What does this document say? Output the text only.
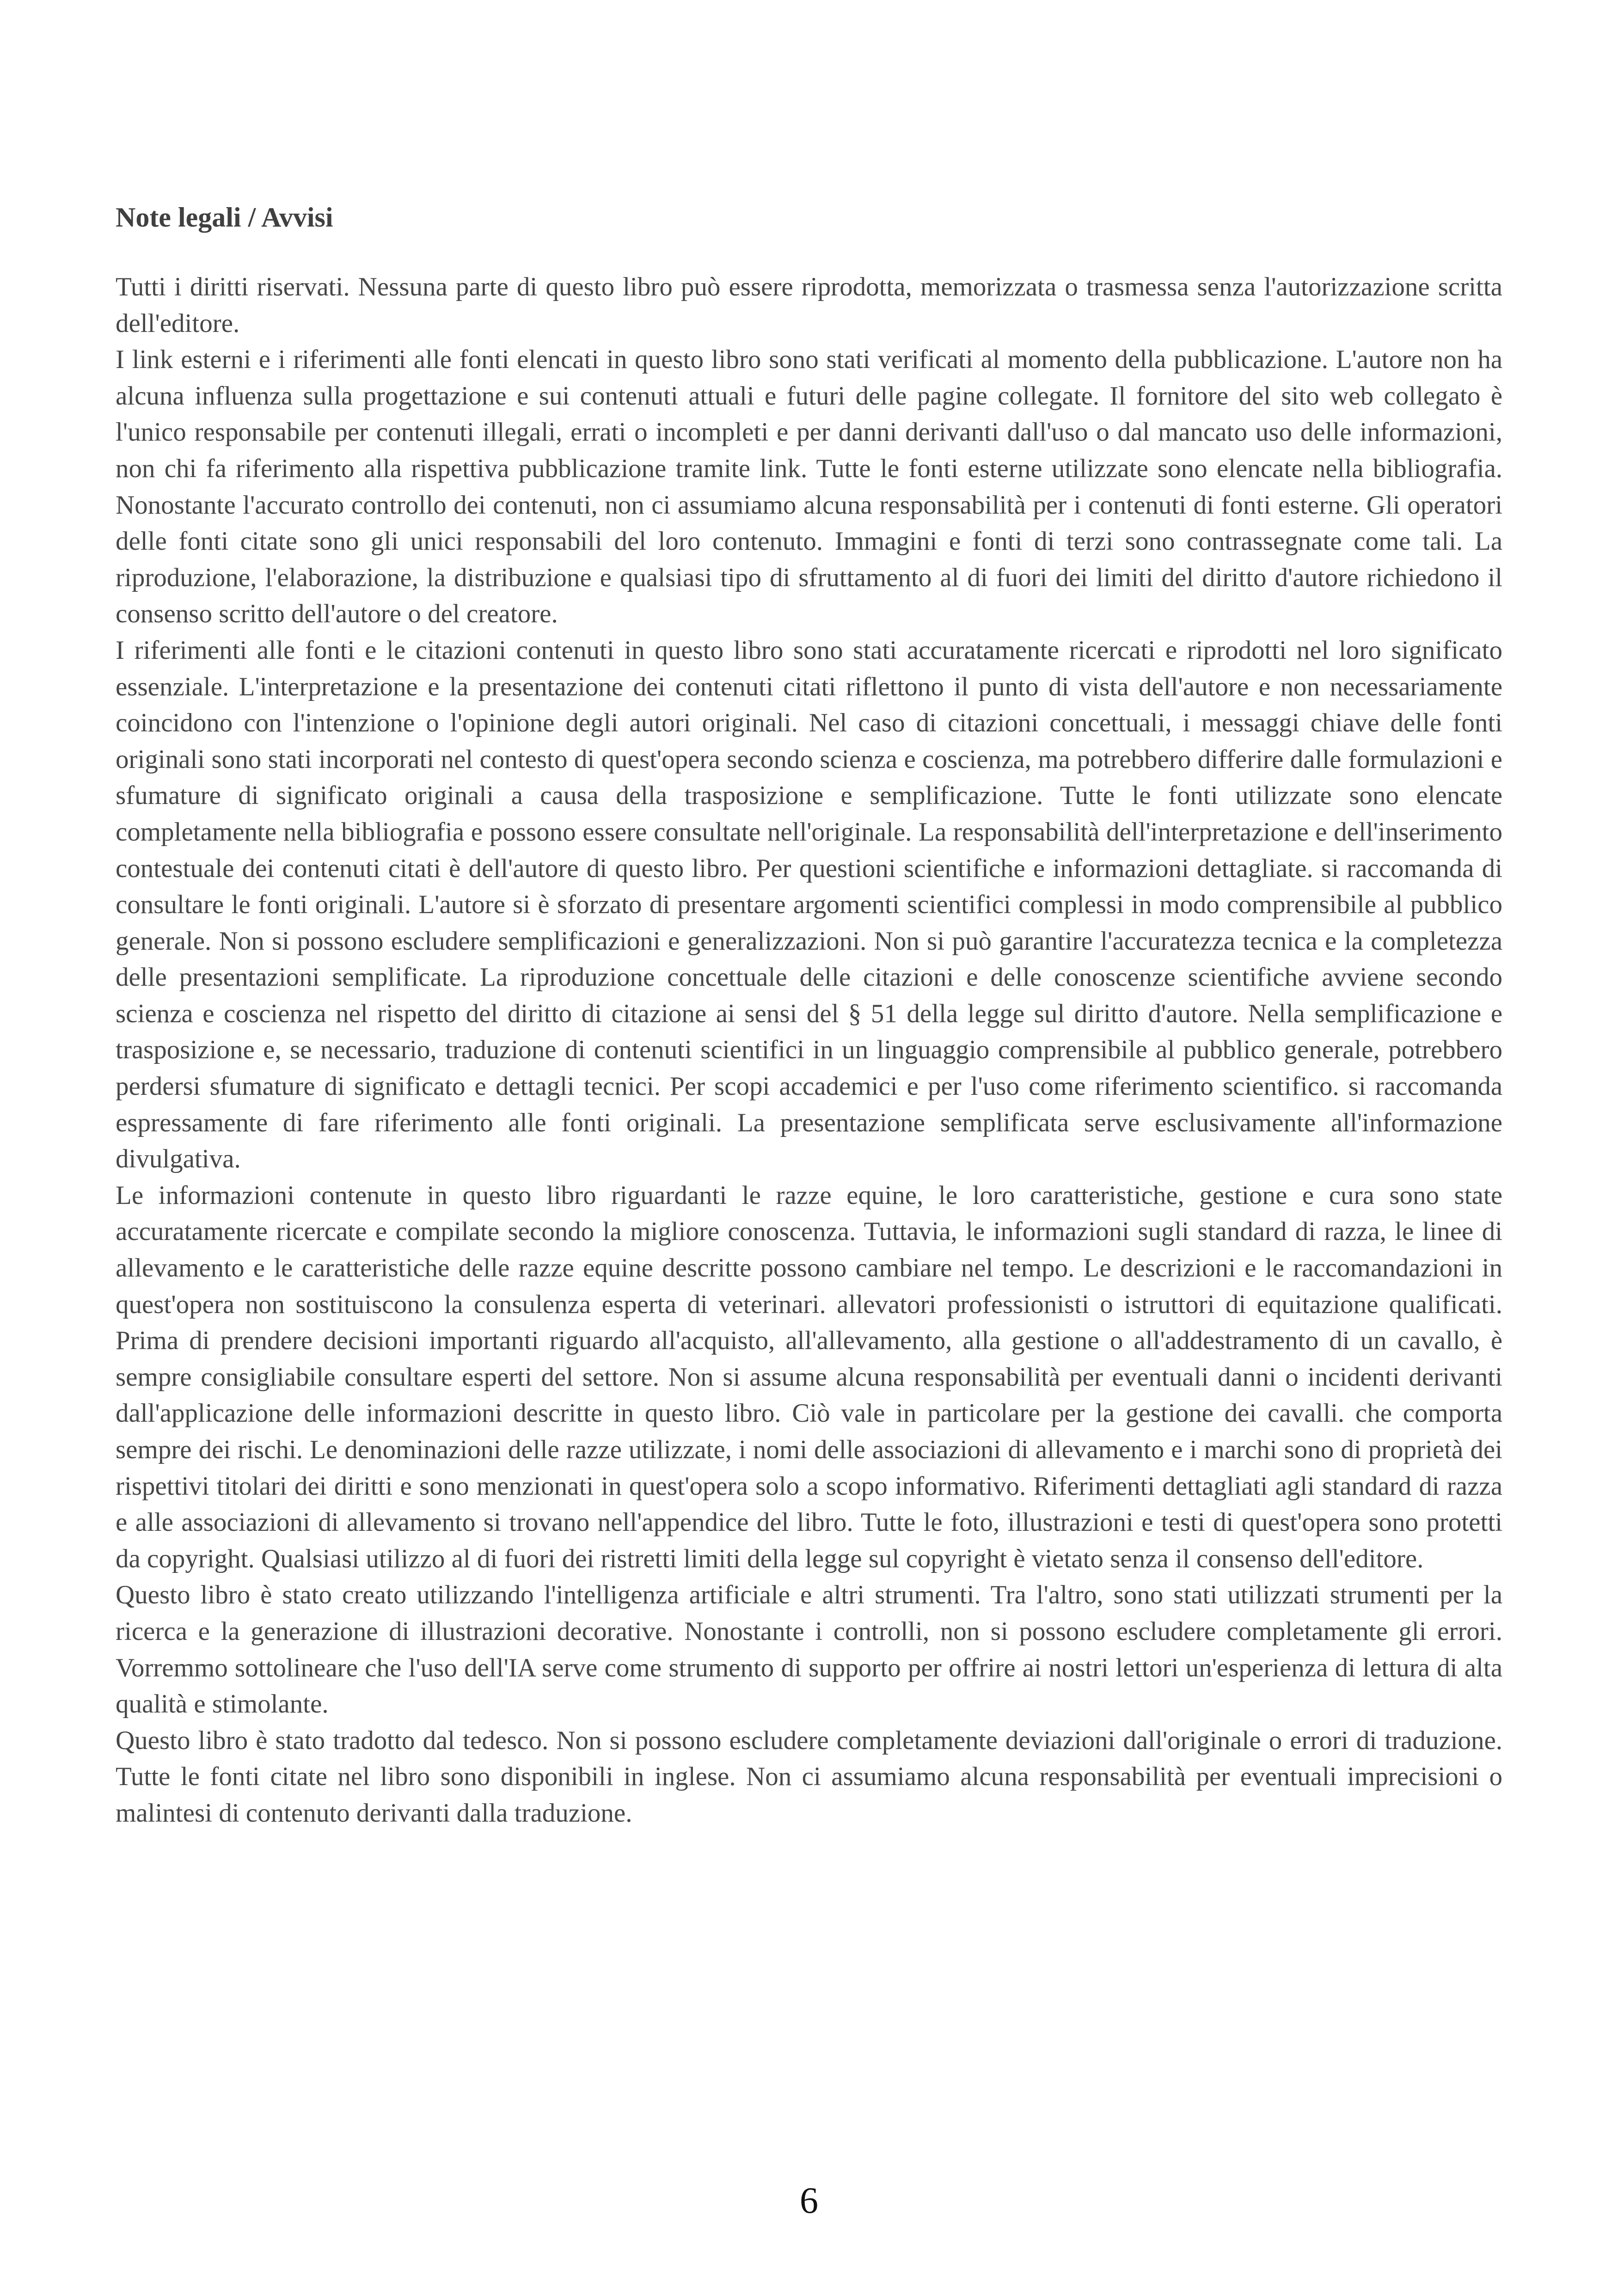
Note legali / Avvisi

Tutti i diritti riservati. Nessuna parte di questo libro può essere riprodotta, memorizzata o trasmessa senza l'autorizzazione scritta dell'editore.

I link esterni e i riferimenti alle fonti elencati in questo libro sono stati verificati al momento della pubblicazione. L'autore non ha alcuna influenza sulla progettazione e sui contenuti attuali e futuri delle pagine collegate. Il fornitore del sito web collegato è l'unico responsabile per contenuti illegali, errati o incompleti e per danni derivanti dall'uso o dal mancato uso delle informazioni, non chi fa riferimento alla rispettiva pubblicazione tramite link. Tutte le fonti esterne utilizzate sono elencate nella bibliografia. Nonostante l'accurato controllo dei contenuti, non ci assumiamo alcuna responsabilità per i contenuti di fonti esterne. Gli operatori delle fonti citate sono gli unici responsabili del loro contenuto. Immagini e fonti di terzi sono contrassegnate come tali. La riproduzione, l'elaborazione, la distribuzione e qualsiasi tipo di sfruttamento al di fuori dei limiti del diritto d'autore richiedono il consenso scritto dell'autore o del creatore.

I riferimenti alle fonti e le citazioni contenuti in questo libro sono stati accuratamente ricercati e riprodotti nel loro significato essenziale. L'interpretazione e la presentazione dei contenuti citati riflettono il punto di vista dell'autore e non necessariamente coincidono con l'intenzione o l'opinione degli autori originali. Nel caso di citazioni concettuali, i messaggi chiave delle fonti originali sono stati incorporati nel contesto di quest'opera secondo scienza e coscienza, ma potrebbero differire dalle formulazioni e sfumature di significato originali a causa della trasposizione e semplificazione. Tutte le fonti utilizzate sono elencate completamente nella bibliografia e possono essere consultate nell'originale. La responsabilità dell'interpretazione e dell'inserimento contestuale dei contenuti citati è dell'autore di questo libro. Per questioni scientifiche e informazioni dettagliate. si raccomanda di consultare le fonti originali. L'autore si è sforzato di presentare argomenti scientifici complessi in modo comprensibile al pubblico generale. Non si possono escludere semplificazioni e generalizzazioni. Non si può garantire l'accuratezza tecnica e la completezza delle presentazioni semplificate. La riproduzione concettuale delle citazioni e delle conoscenze scientifiche avviene secondo scienza e coscienza nel rispetto del diritto di citazione ai sensi del § 51 della legge sul diritto d'autore. Nella semplificazione e trasposizione e, se necessario, traduzione di contenuti scientifici in un linguaggio comprensibile al pubblico generale, potrebbero perdersi sfumature di significato e dettagli tecnici. Per scopi accademici e per l'uso come riferimento scientifico. si raccomanda espressamente di fare riferimento alle fonti originali. La presentazione semplificata serve esclusivamente all'informazione divulgativa.

Le informazioni contenute in questo libro riguardanti le razze equine, le loro caratteristiche, gestione e cura sono state accuratamente ricercate e compilate secondo la migliore conoscenza. Tuttavia, le informazioni sugli standard di razza, le linee di allevamento e le caratteristiche delle razze equine descritte possono cambiare nel tempo. Le descrizioni e le raccomandazioni in quest'opera non sostituiscono la consulenza esperta di veterinari. allevatori professionisti o istruttori di equitazione qualificati. Prima di prendere decisioni importanti riguardo all'acquisto, all'allevamento, alla gestione o all'addestramento di un cavallo, è sempre consigliabile consultare esperti del settore. Non si assume alcuna responsabilità per eventuali danni o incidenti derivanti dall'applicazione delle informazioni descritte in questo libro. Ciò vale in particolare per la gestione dei cavalli. che comporta sempre dei rischi. Le denominazioni delle razze utilizzate, i nomi delle associazioni di allevamento e i marchi sono di proprietà dei rispettivi titolari dei diritti e sono menzionati in quest'opera solo a scopo informativo. Riferimenti dettagliati agli standard di razza e alle associazioni di allevamento si trovano nell'appendice del libro. Tutte le foto, illustrazioni e testi di quest'opera sono protetti da copyright. Qualsiasi utilizzo al di fuori dei ristretti limiti della legge sul copyright è vietato senza il consenso dell'editore.

Questo libro è stato creato utilizzando l'intelligenza artificiale e altri strumenti. Tra l'altro, sono stati utilizzati strumenti per la ricerca e la generazione di illustrazioni decorative. Nonostante i controlli, non si possono escludere completamente gli errori. Vorremmo sottolineare che l'uso dell'IA serve come strumento di supporto per offrire ai nostri lettori un'esperienza di lettura di alta qualità e stimolante.

Questo libro è stato tradotto dal tedesco. Non si possono escludere completamente deviazioni dall'originale o errori di traduzione. Tutte le fonti citate nel libro sono disponibili in inglese. Non ci assumiamo alcuna responsabilità per eventuali imprecisioni o malintesi di contenuto derivanti dalla traduzione.

6
